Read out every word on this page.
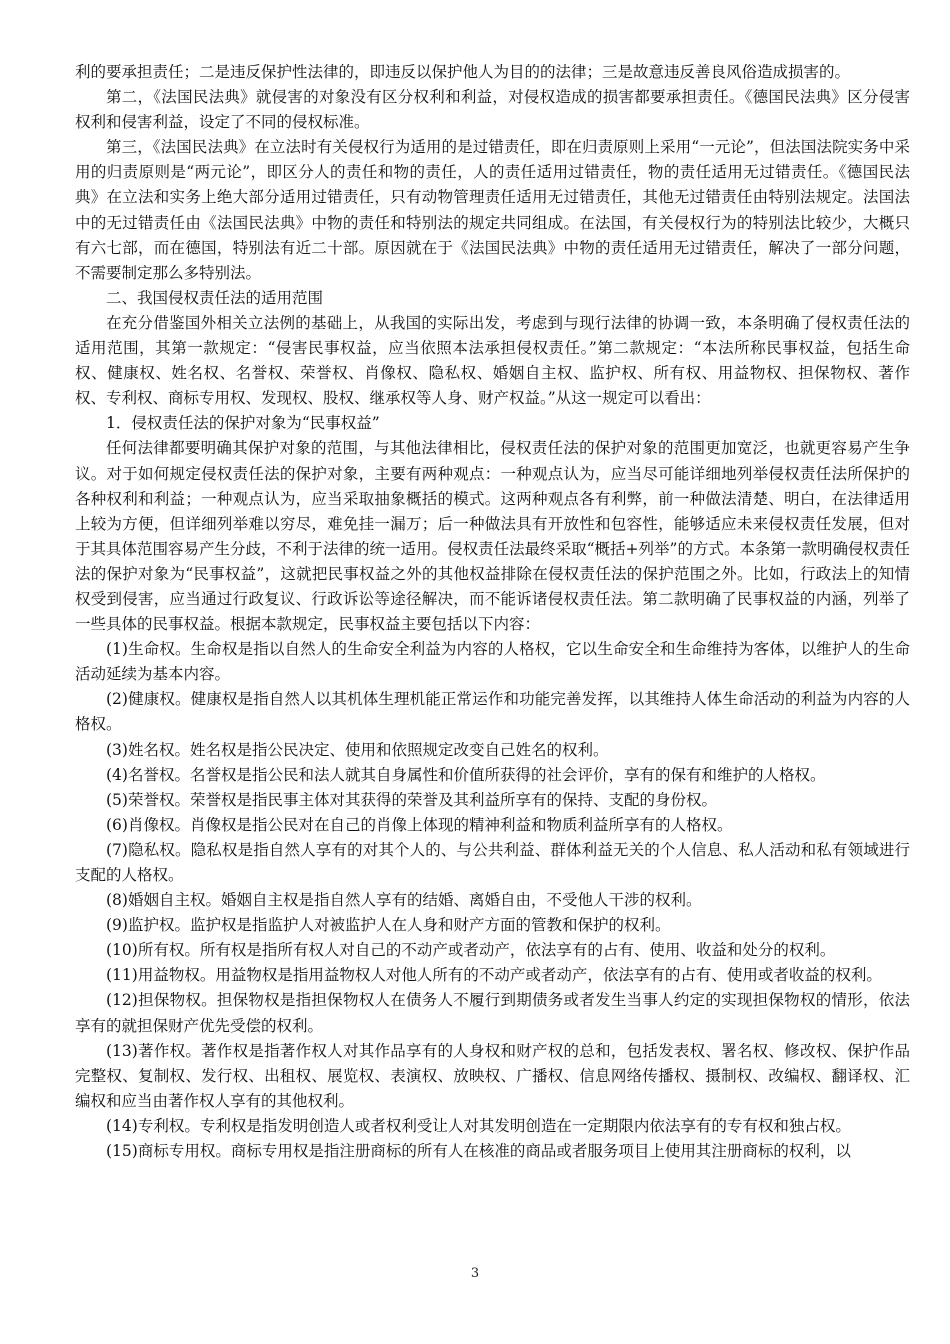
利的要承担责任；二是违反保护性法律的，即违反以保护他人为目的的法律；三是故意违反善良风俗造成损害的。

第二，《法国民法典》就侵害的对象没有区分权利和利益，对侵权造成的损害都要承担责任。《德国民法典》区分侵害权利和侵害利益，设定了不同的侵权标准。

第三，《法国民法典》在立法时有关侵权行为适用的是过错责任，即在归责原则上采用“一元论”，但法国法院实务中采用的归责原则是“两元论”，即区分人的责任和物的责任，人的责任适用过错责任，物的责任适用无过错责任。《德国民法典》在立法和实务上绝大部分适用过错责任，只有动物管理责任适用无过错责任，其他无过错责任由特别法规定。法国法中的无过错责任由《法国民法典》中物的责任和特别法的规定共同组成。在法国，有关侵权行为的特别法比较少，大概只有六七部，而在德国，特别法有近二十部。原因就在于《法国民法典》中物的责任适用无过错责任，解决了一部分问题，不需要制定那么多特别法。

二、我国侵权责任法的适用范围

在充分借鉴国外相关立法例的基础上，从我国的实际出发，考虑到与现行法律的协调一致，本条明确了侵权责任法的适用范围，其第一款规定：“侵害民事权益，应当依照本法承担侵权责任。”第二款规定：“本法所称民事权益，包括生命权、健康权、姓名权、名誉权、荣誉权、肖像权、隐私权、婚姻自主权、监护权、所有权、用益物权、担保物权、著作权、专利权、商标专用权、发现权、股权、继承权等人身、财产权益。”从这一规定可以看出：

1．侵权责任法的保护对象为“民事权益”

任何法律都要明确其保护对象的范围，与其他法律相比，侵权责任法的保护对象的范围更加宽泛，也就更容易产生争议。对于如何规定侵权责任法的保护对象，主要有两种观点：一种观点认为，应当尽可能详细地列举侵权责任法所保护的各种权利和利益；一种观点认为，应当采取抽象概括的模式。这两种观点各有利弊，前一种做法清楚、明白，在法律适用上较为方便，但详细列举难以穷尽，难免挂一漏万；后一种做法具有开放性和包容性，能够适应未来侵权责任发展，但对于其具体范围容易产生分歧，不利于法律的统一适用。侵权责任法最终采取“概括+列举”的方式。本条第一款明确侵权责任法的保护对象为“民事权益”，这就把民事权益之外的其他权益排除在侵权责任法的保护范围之外。比如，行政法上的知情权受到侵害，应当通过行政复议、行政诉讼等途径解决，而不能诉诸侵权责任法。第二款明确了民事权益的内涵，列举了一些具体的民事权益。根据本款规定，民事权益主要包括以下内容：

(1)生命权。生命权是指以自然人的生命安全利益为内容的人格权，它以生命安全和生命维持为客体，以维护人的生命活动延续为基本内容。

(2)健康权。健康权是指自然人以其机体生理机能正常运作和功能完善发挥，以其维持人体生命活动的利益为内容的人格权。

(3)姓名权。姓名权是指公民决定、使用和依照规定改变自己姓名的权利。

(4)名誉权。名誉权是指公民和法人就其自身属性和价值所获得的社会评价，享有的保有和维护的人格权。

(5)荣誉权。荣誉权是指民事主体对其获得的荣誉及其利益所享有的保持、支配的身份权。

(6)肖像权。肖像权是指公民对在自己的肖像上体现的精神利益和物质利益所享有的人格权。

(7)隐私权。隐私权是指自然人享有的对其个人的、与公共利益、群体利益无关的个人信息、私人活动和私有领域进行支配的人格权。

(8)婚姻自主权。婚姻自主权是指自然人享有的结婚、离婚自由，不受他人干涉的权利。

(9)监护权。监护权是指监护人对被监护人在人身和财产方面的管教和保护的权利。

(10)所有权。所有权是指所有权人对自己的不动产或者动产，依法享有的占有、使用、收益和处分的权利。

(11)用益物权。用益物权是指用益物权人对他人所有的不动产或者动产，依法享有的占有、使用或者收益的权利。

(12)担保物权。担保物权是指担保物权人在债务人不履行到期债务或者发生当事人约定的实现担保物权的情形，依法享有的就担保财产优先受偿的权利。

(13)著作权。著作权是指著作权人对其作品享有的人身权和财产权的总和，包括发表权、署名权、修改权、保护作品完整权、复制权、发行权、出租权、展览权、表演权、放映权、广播权、信息网络传播权、摄制权、改编权、翻译权、汇编权和应当由著作权人享有的其他权利。

(14)专利权。专利权是指发明创造人或者权利受让人对其发明创造在一定期限内依法享有的专有权和独占权。

(15)商标专用权。商标专用权是指注册商标的所有人在核准的商品或者服务项目上使用其注册商标的权利，以

3
